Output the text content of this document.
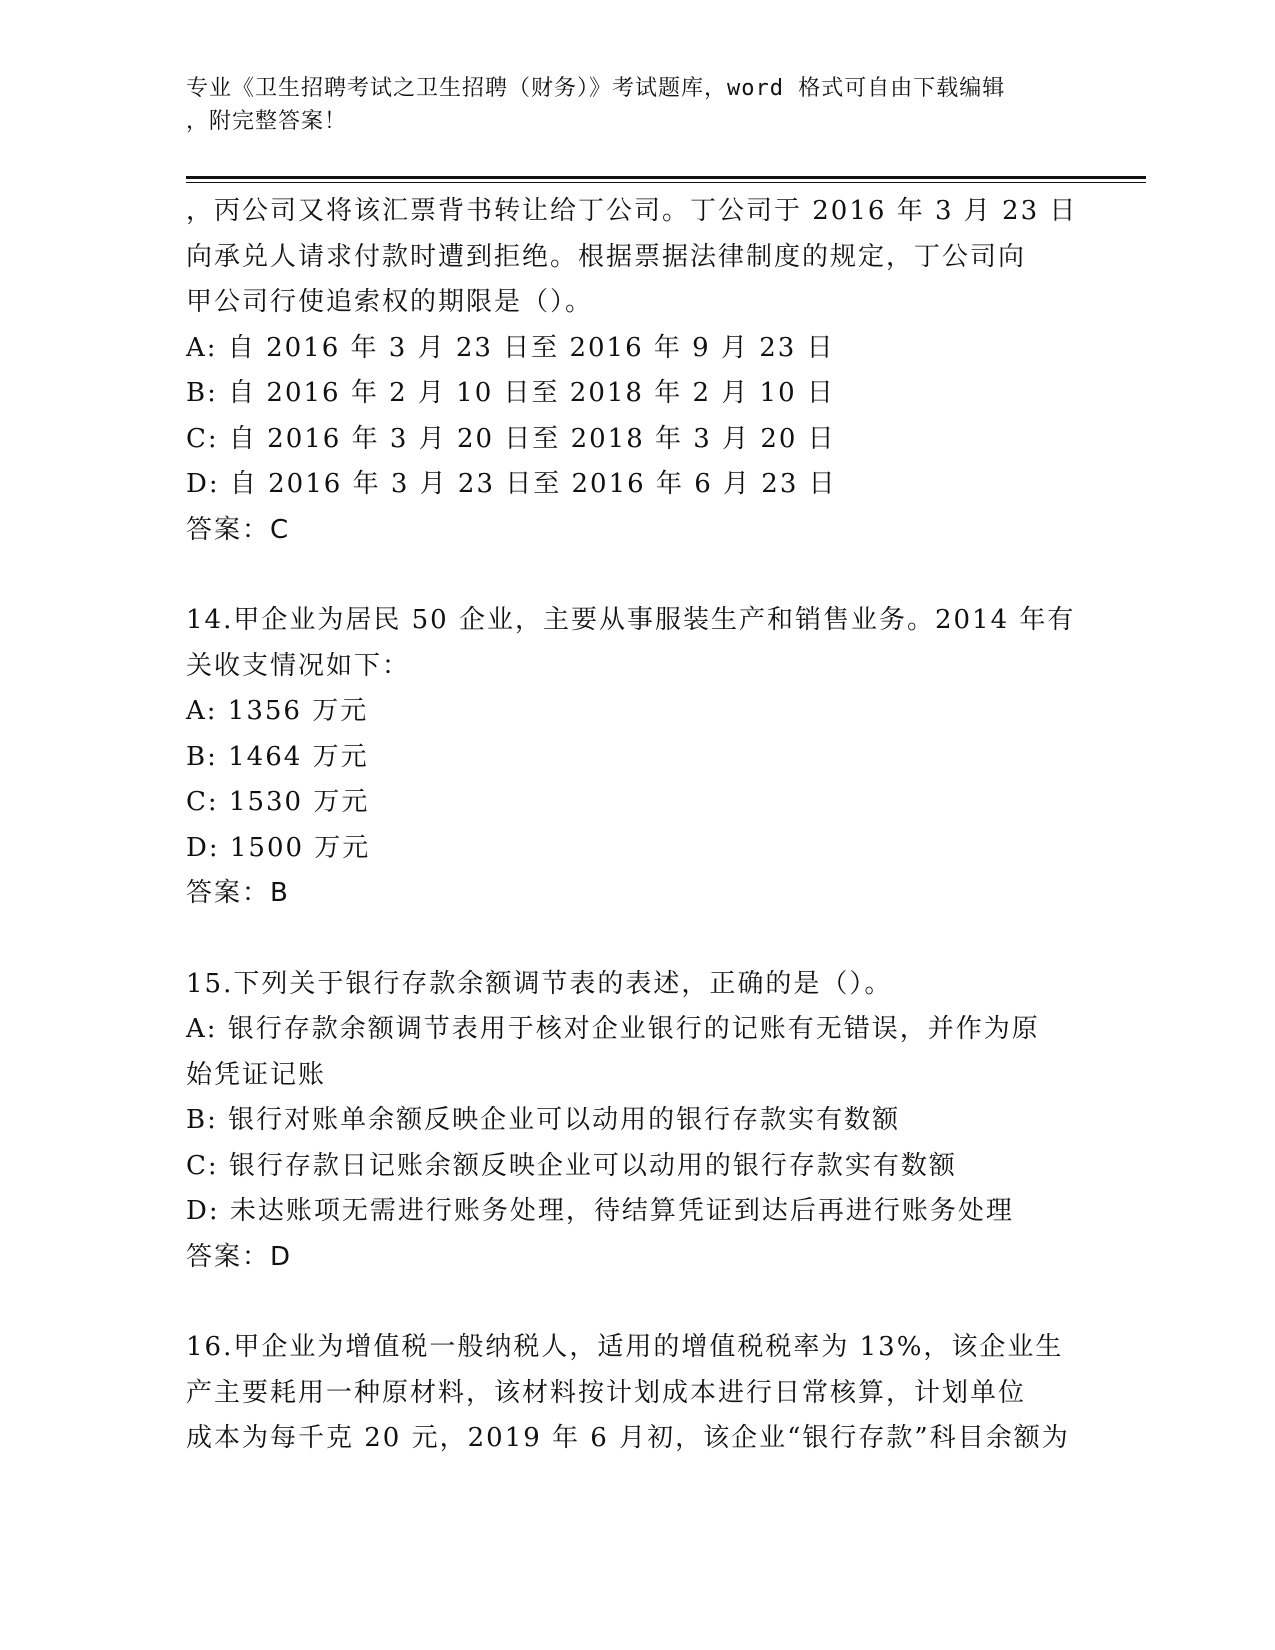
专业《卫生招聘考试之卫生招聘（财务）》考试题库，word 格式可自由下载编辑
，附完整答案！
，丙公司又将该汇票背书转让给丁公司。丁公司于 2016 年 3 月 23 日
向承兑人请求付款时遭到拒绝。根据票据法律制度的规定，丁公司向
甲公司行使追索权的期限是（）。
A: 自 2016 年 3 月 23 日至 2016 年 9 月 23 日
B: 自 2016 年 2 月 10 日至 2018 年 2 月 10 日
C: 自 2016 年 3 月 20 日至 2018 年 3 月 20 日
D: 自 2016 年 3 月 23 日至 2016 年 6 月 23 日
答案：C
14.甲企业为居民 50 企业，主要从事服装生产和销售业务。2014 年有
关收支情况如下：
A: 1356 万元
B: 1464 万元
C: 1530 万元
D: 1500 万元
答案：B
15.下列关于银行存款余额调节表的表述，正确的是（）。
A: 银行存款余额调节表用于核对企业银行的记账有无错误，并作为原
始凭证记账
B: 银行对账单余额反映企业可以动用的银行存款实有数额
C: 银行存款日记账余额反映企业可以动用的银行存款实有数额
D: 未达账项无需进行账务处理，待结算凭证到达后再进行账务处理
答案：D
16.甲企业为增值税一般纳税人，适用的增值税税率为 13%，该企业生
产主要耗用一种原材料，该材料按计划成本进行日常核算，计划单位
成本为每千克 20 元，2019 年 6 月初，该企业“银行存款”科目余额为
